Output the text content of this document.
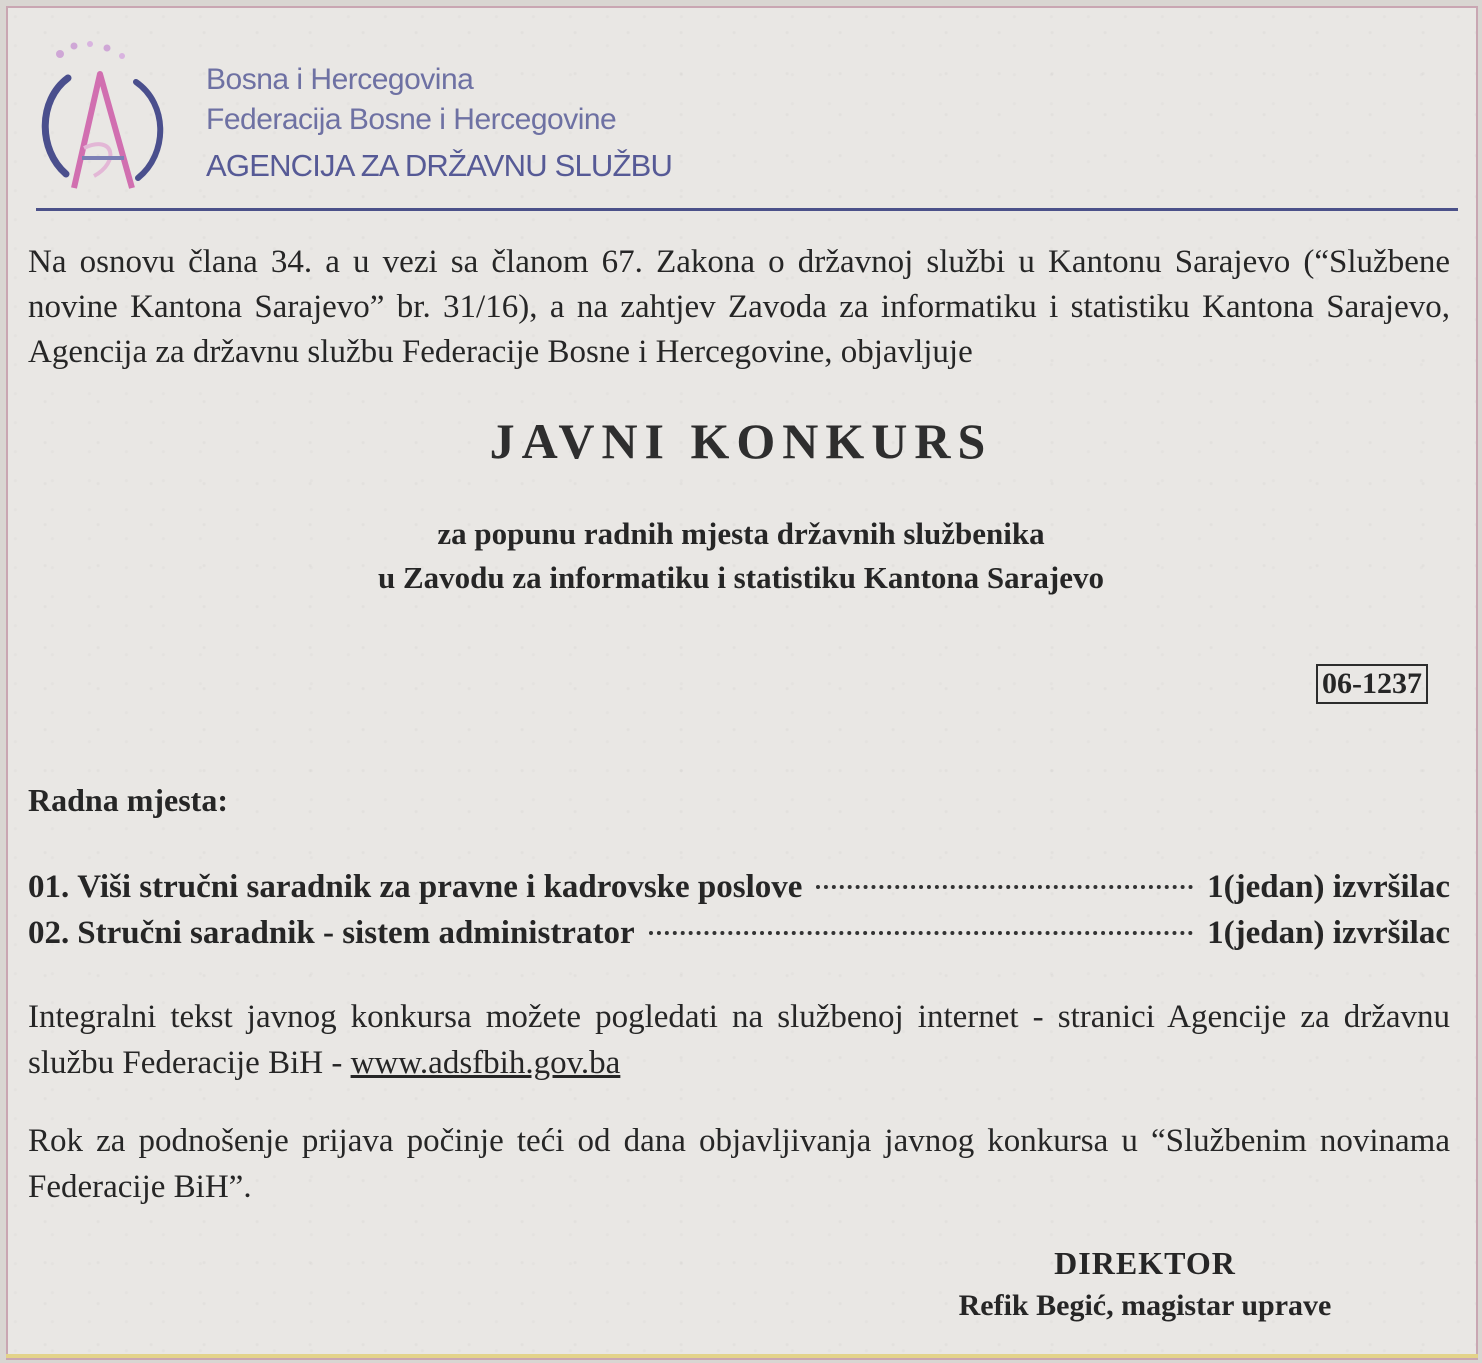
Bosna i Hercegovina
Federacija Bosne i Hercegovine
AGENCIJA ZA DRŽAVNU SLUŽBU
Na osnovu člana 34. a u vezi sa članom 67. Zakona o državnoj službi u Kantonu Sarajevo (“Službene novine Kantona Sarajevo” br. 31/16), a na zahtjev Zavoda za informatiku i statistiku Kantona Sarajevo, Agencija za državnu službu Federacije Bosne i Hercegovine, objavljuje
JAVNI KONKURS
za popunu radnih mjesta državnih službenika
u Zavodu za informatiku i statistiku Kantona Sarajevo
06-1237
Radna mjesta:
01. Viši stručni saradnik za pravne i kadrovske poslove	1(jedan) izvršilac
02. Stručni saradnik - sistem administrator	1(jedan) izvršilac
Integralni tekst javnog konkursa možete pogledati na službenoj internet - stranici Agencije za državnu službu Federacije BiH - www.adsfbih.gov.ba
Rok za podnošenje prijava počinje teći od dana objavljivanja javnog konkursa u “Službenim novinama Federacije BiH”.
DIREKTOR
Refik Begić, magistar uprave
